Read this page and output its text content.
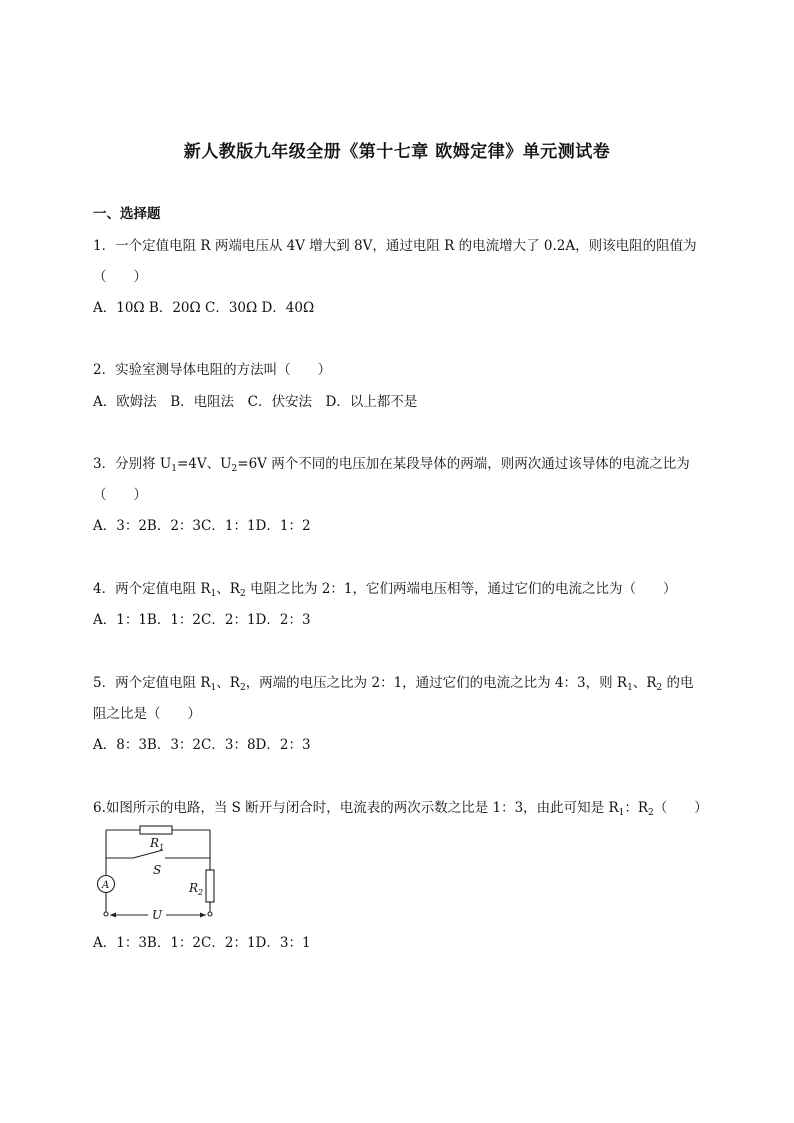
新人教版九年级全册《第十七章 欧姆定律》单元测试卷
一、选择题
1．一个定值电阻 R 两端电压从 4V 增大到 8V，通过电阻 R 的电流增大了 0.2A，则该电阻的阻值为
（　　）
A．10Ω B．20Ω C．30Ω D．40Ω
2．实验室测导体电阻的方法叫（　　）
A．欧姆法　B．电阻法　C．伏安法　D．以上都不是
3．分别将 $U_1=4V$、$U_2=6V$ 两个不同的电压加在某段导体的两端，则两次通过该导体的电流之比为
（　　）
A．3：2B．2：3C．1：1D．1：2
4．两个定值电阻 $R_1$、$R_2$ 电阻之比为 2：1，它们两端电压相等，通过它们的电流之比为（　　）
A．1：1B．1：2C．2：1D．2：3
5．两个定值电阻 $R_1$、$R_2$，两端的电压之比为 2：1，通过它们的电流之比为 4：3，则 $R_1$、$R_2$ 的电
阻之比是（　　）
A．8：3B．3：2C．3：8D．2：3
6.如图所示的电路，当 S 断开与闭合时，电流表的两次示数之比是 1：3，由此可知是 $R_1$：$R_2$（　　）
$R_1$
S
A	$R_2$
U
A．1：3B．1：2C．2：1D．3：1
